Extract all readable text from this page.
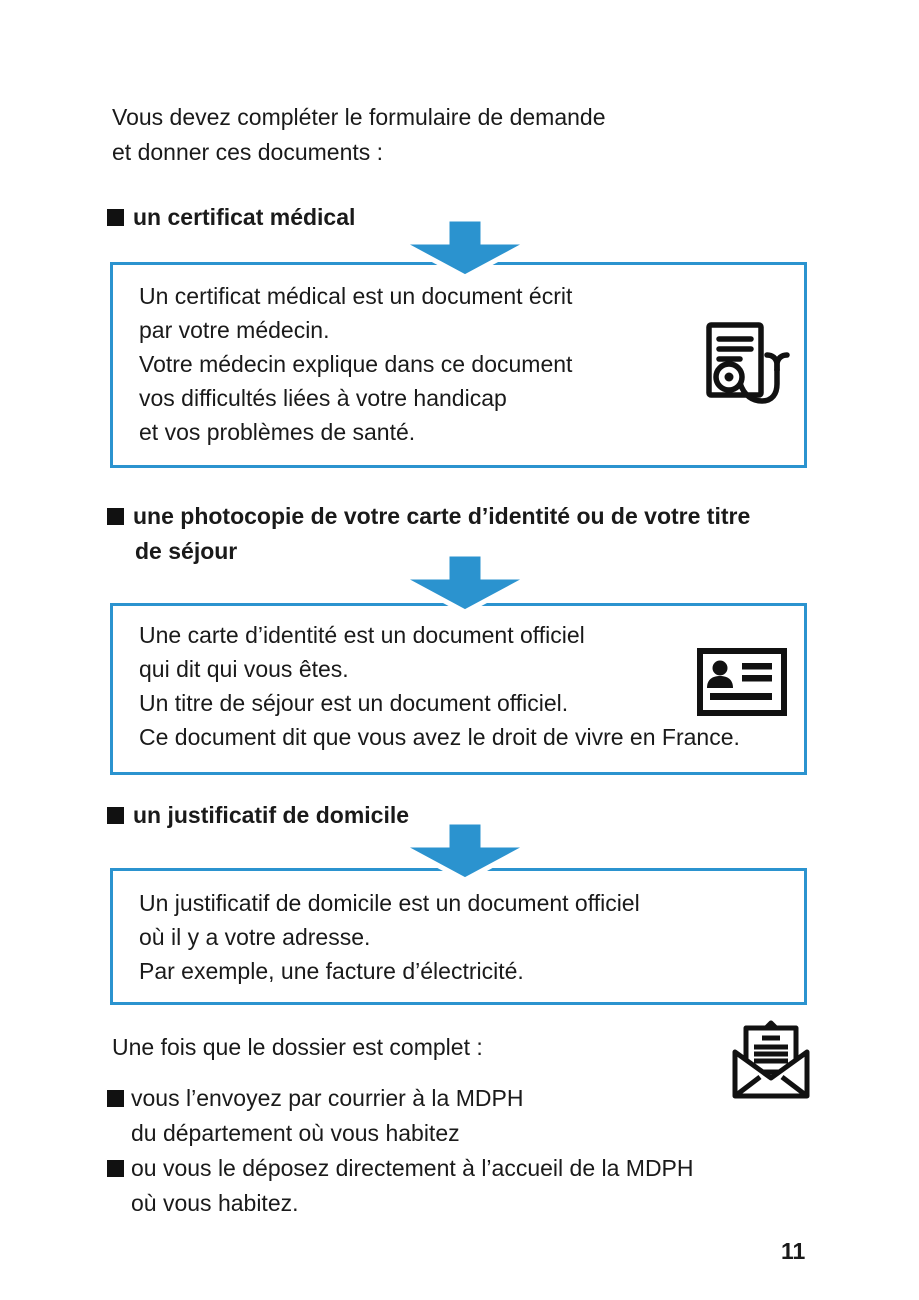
Vous devez compléter le formulaire de demande
et donner ces documents :
un certificat médical
Un certificat médical est un document écrit
par votre médecin.
Votre médecin explique dans ce document
vos difficultés liées à votre handicap
et vos problèmes de santé.
une photocopie de votre carte d’identité ou de votre titre
de séjour
Une carte d’identité est un document officiel
qui dit qui vous êtes.
Un titre de séjour est un document officiel.
Ce document dit que vous avez le droit de vivre en France.
un justificatif de domicile
Un justificatif de domicile est un document officiel
où il y a votre adresse.
Par exemple, une facture d’électricité.
Une fois que le dossier est complet :
vous l’envoyez par courrier à la MDPH
du département où vous habitez
ou vous le déposez directement à l’accueil de la MDPH
où vous habitez.
11
